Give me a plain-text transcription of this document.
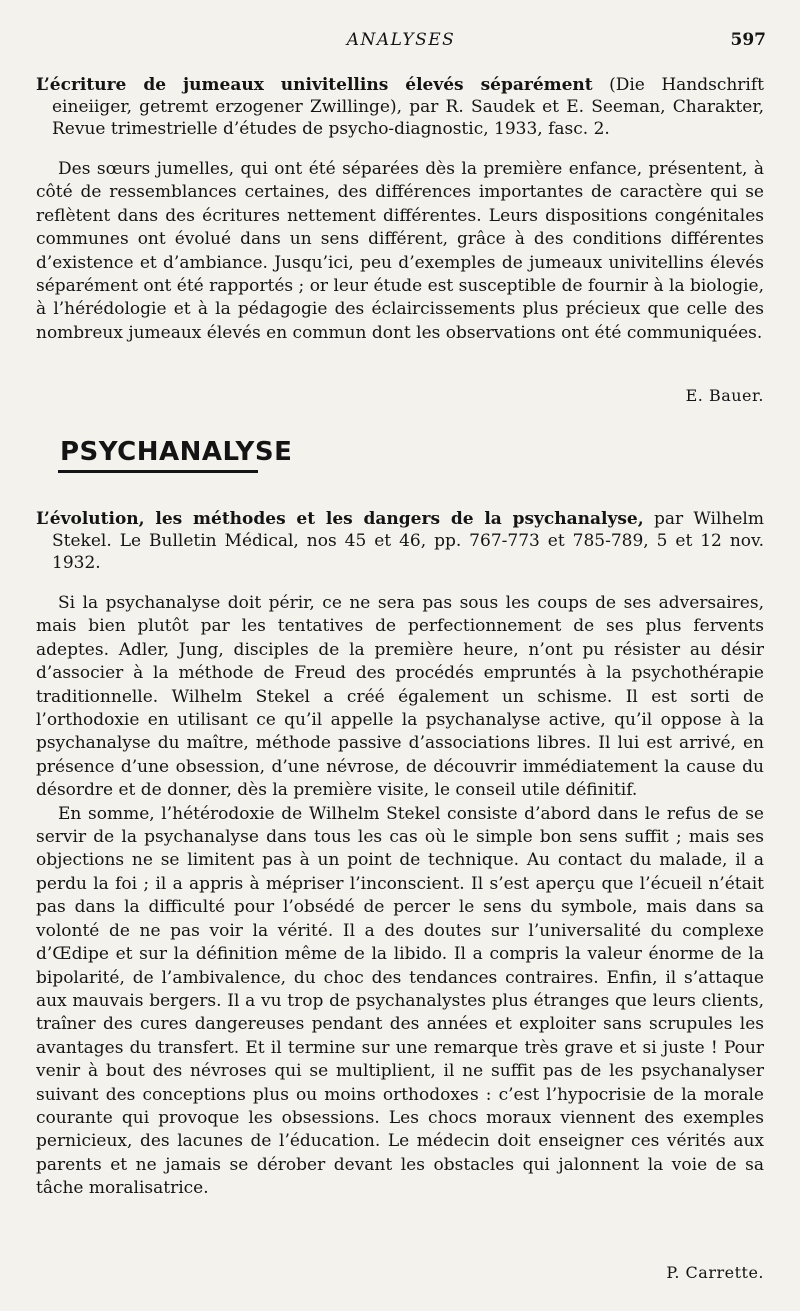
ANALYSES	597
L’écriture de jumeaux univitellins élevés séparément (Die Handschrift eineiiger, getremt erzogener Zwillinge), par R. Saudek et E. Seeman, Charakter, Revue trimestrielle d’études de psycho-diagnostic, 1933, fasc. 2.

Des sœurs jumelles, qui ont été séparées dès la première enfance, présentent, à côté de ressemblances certaines, des différences importantes de caractère qui se reflètent dans des écritures nettement différentes. Leurs dispositions congénitales communes ont évolué dans un sens différent, grâce à des conditions différentes d’existence et d’ambiance. Jusqu’ici, peu d’exemples de jumeaux univitellins élevés séparément ont été rapportés ; or leur étude est susceptible de fournir à la biologie, à l’hérédologie et à la pédagogie des éclaircissements plus précieux que celle des nombreux jumeaux élevés en commun dont les observations ont été communiquées.

E. Bauer.
PSYCHANALYSE
L’évolution, les méthodes et les dangers de la psychanalyse, par Wilhelm Stekel. Le Bulletin Médical, nos 45 et 46, pp. 767-773 et 785-789, 5 et 12 nov. 1932.

Si la psychanalyse doit périr, ce ne sera pas sous les coups de ses adversaires, mais bien plutôt par les tentatives de perfectionnement de ses plus fervents adeptes. Adler, Jung, disciples de la première heure, n’ont pu résister au désir d’associer à la méthode de Freud des procédés empruntés à la psychothérapie traditionnelle. Wilhelm Stekel a créé également un schisme. Il est sorti de l’orthodoxie en utilisant ce qu’il appelle la psychanalyse active, qu’il oppose à la psychanalyse du maître, méthode passive d’associations libres. Il lui est arrivé, en présence d’une obsession, d’une névrose, de découvrir immédiatement la cause du désordre et de donner, dès la première visite, le conseil utile définitif.

En somme, l’hétérodoxie de Wilhelm Stekel consiste d’abord dans le refus de se servir de la psychanalyse dans tous les cas où le simple bon sens suffit ; mais ses objections ne se limitent pas à un point de technique. Au contact du malade, il a perdu la foi ; il a appris à mépriser l’inconscient. Il s’est aperçu que l’écueil n’était pas dans la difficulté pour l’obsédé de percer le sens du symbole, mais dans sa volonté de ne pas voir la vérité. Il a des doutes sur l’universalité du complexe d’Œdipe et sur la définition même de la libido. Il a compris la valeur énorme de la bipolarité, de l’ambivalence, du choc des tendances contraires. Enfin, il s’attaque aux mauvais bergers. Il a vu trop de psychanalystes plus étranges que leurs clients, traîner des cures dangereuses pendant des années et exploiter sans scrupules les avantages du transfert. Et il termine sur une remarque très grave et si juste ! Pour venir à bout des névroses qui se multiplient, il ne suffit pas de les psychanalyser suivant des conceptions plus ou moins orthodoxes : c’est l’hypocrisie de la morale courante qui provoque les obsessions. Les chocs moraux viennent des exemples pernicieux, des lacunes de l’éducation. Le médecin doit enseigner ces vérités aux parents et ne jamais se dérober devant les obstacles qui jalonnent la voie de sa tâche moralisatrice.

P. Carrette.
